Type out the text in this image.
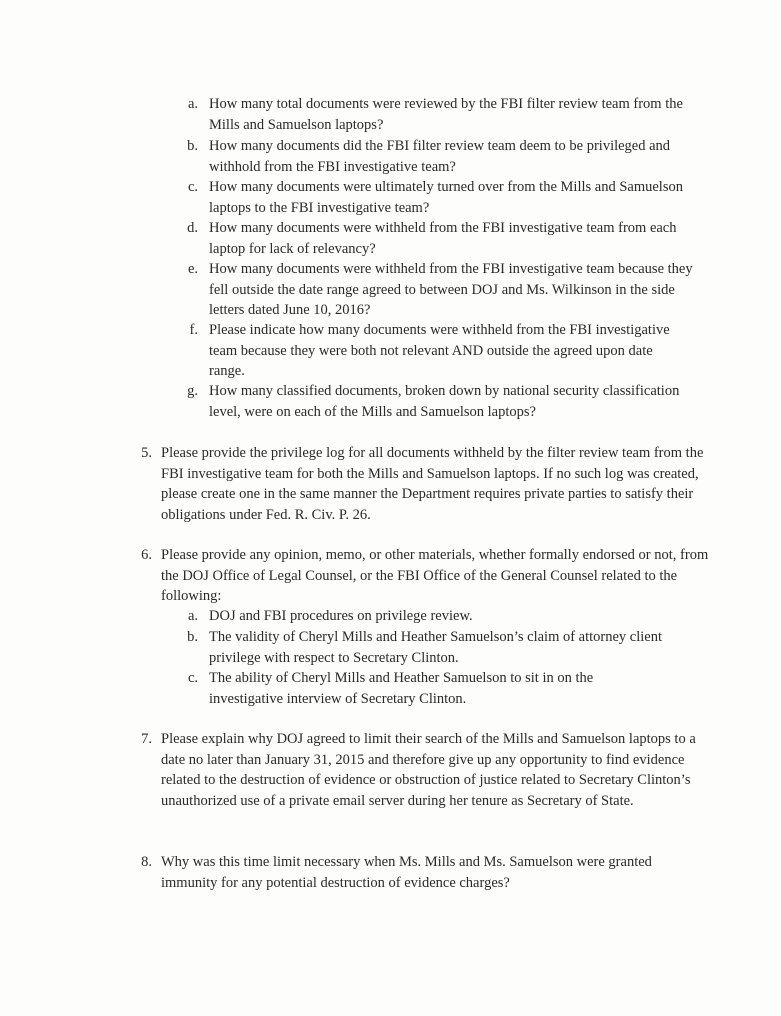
a. How many total documents were reviewed by the FBI filter review team from the Mills and Samuelson laptops?
b. How many documents did the FBI filter review team deem to be privileged and withhold from the FBI investigative team?
c. How many documents were ultimately turned over from the Mills and Samuelson laptops to the FBI investigative team?
d. How many documents were withheld from the FBI investigative team from each laptop for lack of relevancy?
e. How many documents were withheld from the FBI investigative team because they fell outside the date range agreed to between DOJ and Ms. Wilkinson in the side letters dated June 10, 2016?
f. Please indicate how many documents were withheld from the FBI investigative team because they were both not relevant AND outside the agreed upon date range.
g. How many classified documents, broken down by national security classification level, were on each of the Mills and Samuelson laptops?
5. Please provide the privilege log for all documents withheld by the filter review team from the FBI investigative team for both the Mills and Samuelson laptops. If no such log was created, please create one in the same manner the Department requires private parties to satisfy their obligations under Fed. R. Civ. P. 26.
6. Please provide any opinion, memo, or other materials, whether formally endorsed or not, from the DOJ Office of Legal Counsel, or the FBI Office of the General Counsel related to the following:
a. DOJ and FBI procedures on privilege review.
b. The validity of Cheryl Mills and Heather Samuelson’s claim of attorney client privilege with respect to Secretary Clinton.
c. The ability of Cheryl Mills and Heather Samuelson to sit in on the investigative interview of Secretary Clinton.
7. Please explain why DOJ agreed to limit their search of the Mills and Samuelson laptops to a date no later than January 31, 2015 and therefore give up any opportunity to find evidence related to the destruction of evidence or obstruction of justice related to Secretary Clinton’s unauthorized use of a private email server during her tenure as Secretary of State.
8. Why was this time limit necessary when Ms. Mills and Ms. Samuelson were granted immunity for any potential destruction of evidence charges?
